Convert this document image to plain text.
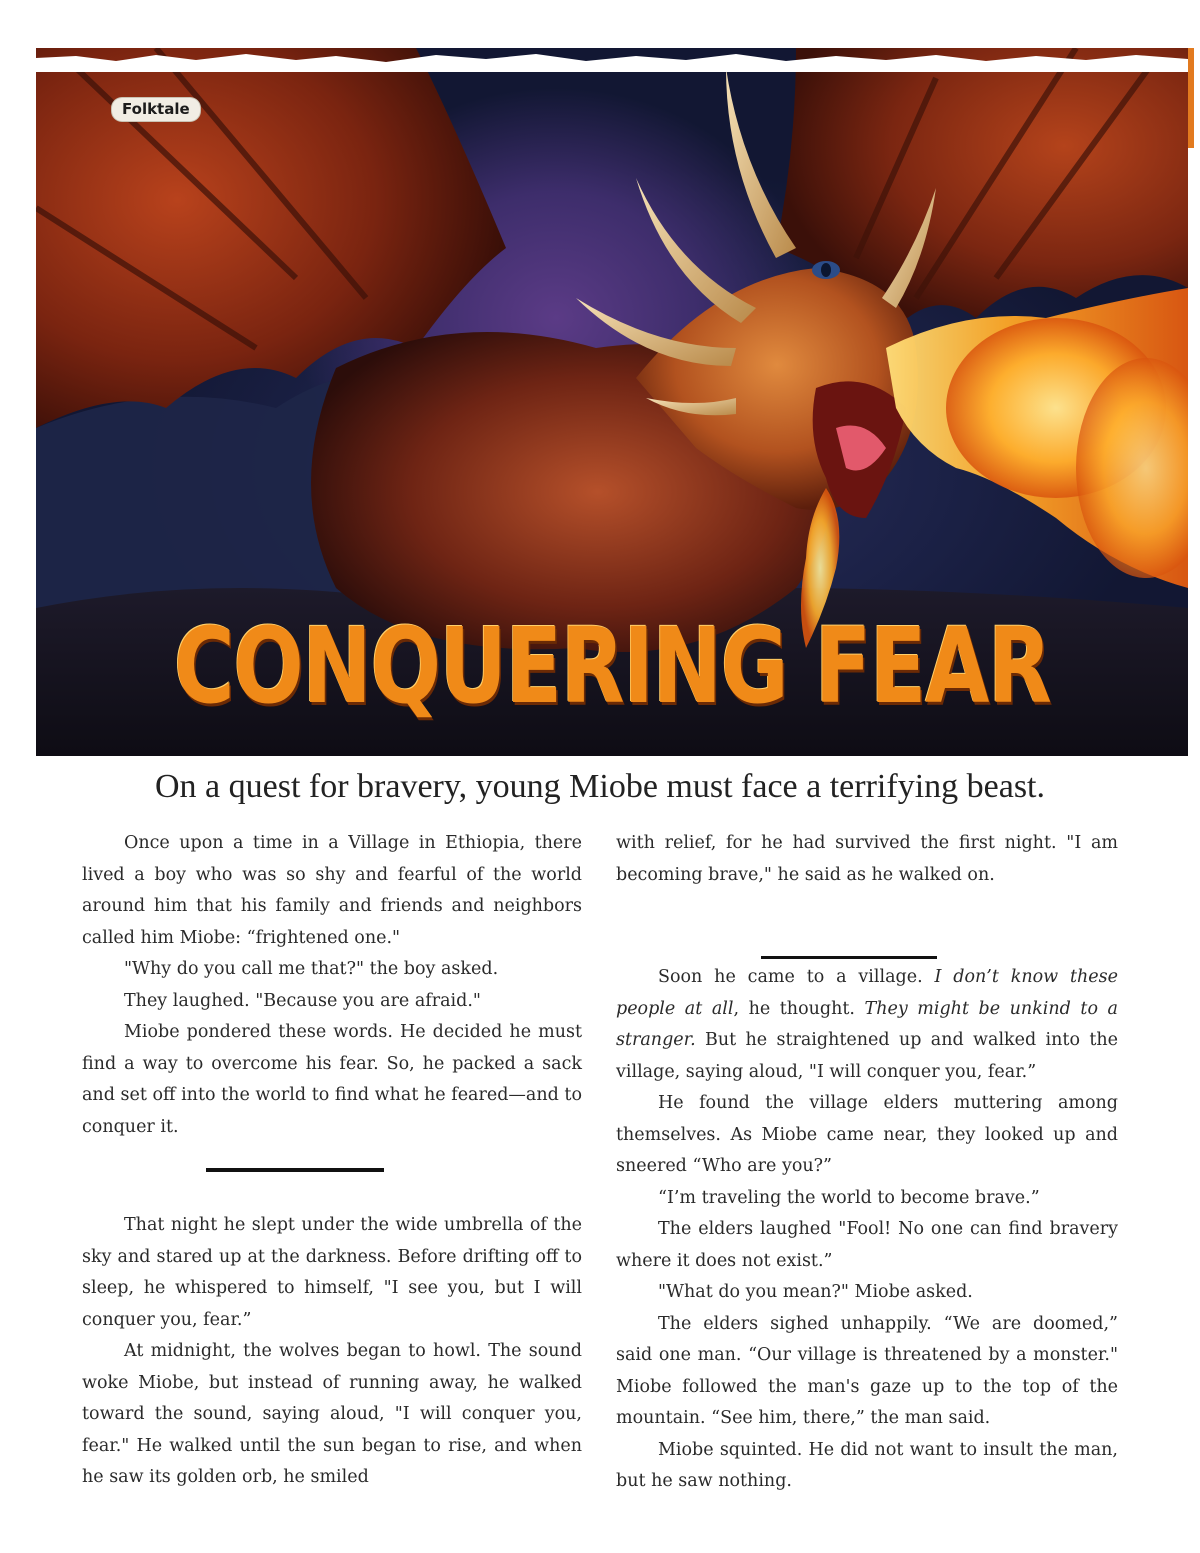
Folktale
CONQUERING FEAR
On a quest for bravery, young Miobe must face a terrifying beast.

Once upon a time in a Village in Ethiopia, there lived a boy who was so shy and fearful of the world around him that his family and friends and neighbors called him Miobe: “frightened one."

"Why do you call me that?" the boy asked.

They laughed. "Because you are afraid."

Miobe pondered these words. He decided he must find a way to overcome his fear. So, he packed a sack and set off into the world to find what he feared—and to conquer it.

That night he slept under the wide umbrella of the sky and stared up at the darkness. Before drifting off to sleep, he whispered to himself, "I see you, but I will conquer you, fear.”

At midnight, the wolves began to howl. The sound woke Miobe, but instead of running away, he walked toward the sound, saying aloud, "I will conquer you, fear." He walked until the sun began to rise, and when he saw its golden orb, he smiled

with relief, for he had survived the first night. "I am becoming brave," he said as he walked on.

Soon he came to a village. I don’t know these people at all, he thought. They might be unkind to a stranger. But he straightened up and walked into the village, saying aloud, "I will conquer you, fear.”

He found the village elders muttering among themselves. As Miobe came near, they looked up and sneered “Who are you?”

“I’m traveling the world to become brave.”

The elders laughed "Fool! No one can find bravery where it does not exist.”

"What do you mean?" Miobe asked.

The elders sighed unhappily. “We are doomed,” said one man. “Our village is threatened by a monster." Miobe followed the man's gaze up to the top of the mountain. “See him, there,” the man said.

Miobe squinted. He did not want to insult the man, but he saw nothing.
